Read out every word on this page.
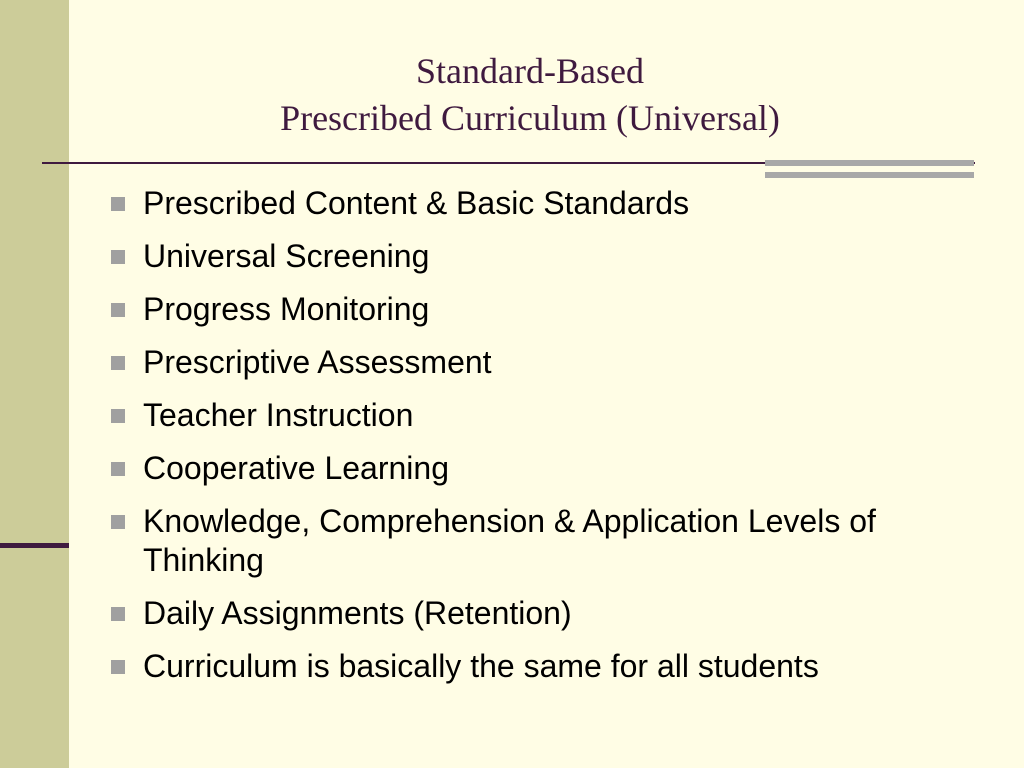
Standard-Based
Prescribed Curriculum (Universal)
Prescribed Content & Basic Standards
Universal Screening
Progress Monitoring
Prescriptive Assessment
Teacher Instruction
Cooperative Learning
Knowledge, Comprehension & Application Levels of Thinking
Daily Assignments (Retention)
Curriculum is basically the same for all students
